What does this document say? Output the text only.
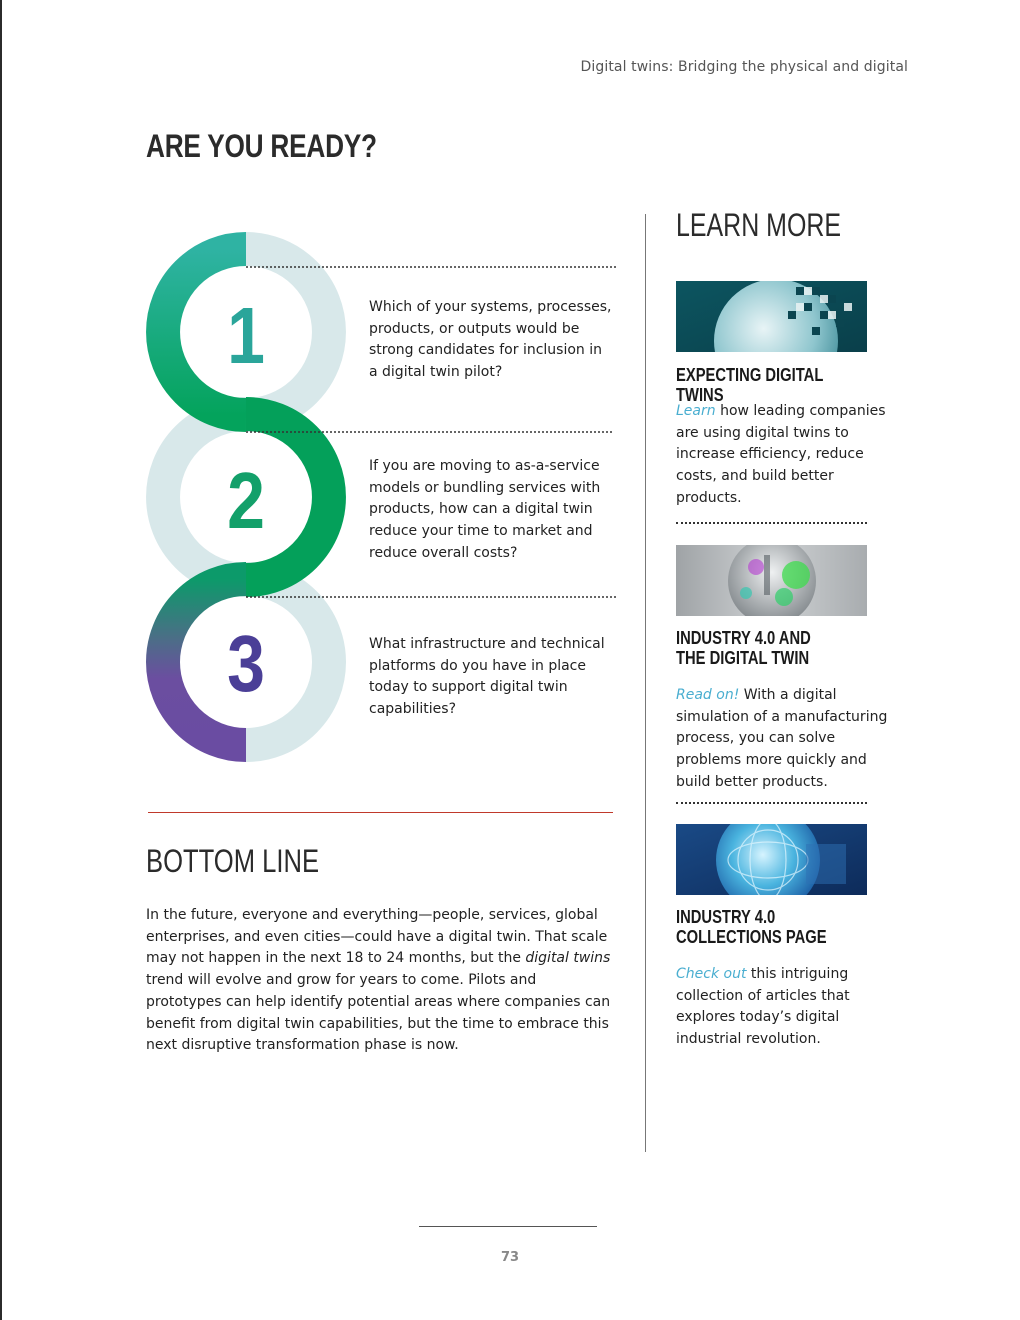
Digital twins: Bridging the physical and digital
ARE YOU READY?
1
2
3

Which of your systems, processes, products, or outputs would be strong candidates for inclusion in a digital twin pilot?

If you are moving to as-a-service models or bundling services with products, how can a digital twin reduce your time to market and reduce overall costs?

What infrastructure and technical platforms do you have in place today to support digital twin capabilities?

BOTTOM LINE

In the future, everyone and everything—people, services, global enterprises, and even cities—could have a digital twin. That scale may not happen in the next 18 to 24 months, but the digital twins trend will evolve and grow for years to come. Pilots and prototypes can help identify potential areas where companies can benefit from digital twin capabilities, but the time to embrace this next disruptive transformation phase is now.

LEARN MORE
EXPECTING DIGITAL TWINS

Learn how leading companies are using digital twins to increase efficiency, reduce costs, and build better products.

INDUSTRY 4.0 AND
THE DIGITAL TWIN

Read on! With a digital simulation of a manufacturing process, you can solve problems more quickly and build better products.

INDUSTRY 4.0
COLLECTIONS PAGE

Check out this intriguing collection of articles that explores today’s digital industrial revolution.

73
